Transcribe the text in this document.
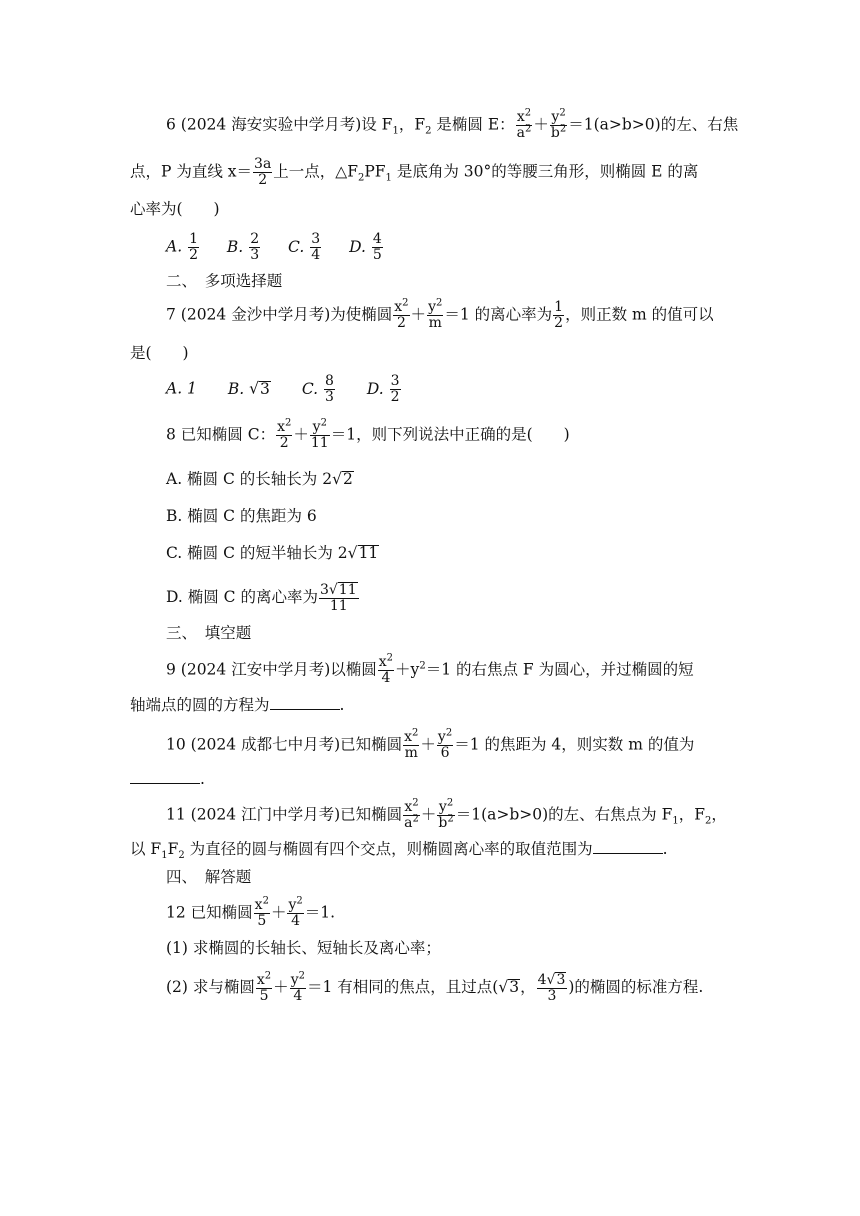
6 (2024 海安实验中学月考)设 $F_1$，$F_2$ 是椭圆 E： $\frac{x^2}{a^2} + \frac{y^2}{b^2} =1(a>b>0)$的左、右焦
点，P 为直线 $x= \frac{3a}{2}$ 上一点，$\triangle F_2PF_1$ 是底角为 30°的等腰三角形，则椭圆 E 的离
心率为(　　)
A. $\frac{1}{2} B$. $\frac{2}{3} C$. $\frac{3}{4} D$. $\frac{4}{5}$
二、　多项选择题
7 (2024 金沙中学月考)为使椭圆 $\frac{x^2}{2} + \frac{y^2}{m} =1$ 的离心率为 $\frac{1}{2}$ ，则正数 m 的值可以
是(　　)
A. 1 B. √3 C. $\frac{8}{3} D$. $\frac{3}{2}$
8 已知椭圆 C： $\frac{x^2}{2} + \frac{y^2}{11} =1$，则下列说法中正确的是(　　)
A. 椭圆 C 的长轴长为 2√2
B. 椭圆 C 的焦距为 6
C. 椭圆 C 的短半轴长为 2√11
D. 椭圆 C 的离心率为 $\frac{3√11}{11}$
三、　填空题
9 (2024 江安中学月考)以椭圆 $\frac{x^2}{4} +y^2=1$ 的右焦点 F 为圆心，并过椭圆的短
轴端点的圆的方程为	.
10 (2024 成都七中月考)已知椭圆 $\frac{x^2}{m} + \frac{y^2}{6} =1$ 的焦距为 4，则实数 m 的值为
.
11 (2024 江门中学月考)已知椭圆 $\frac{x^2}{a^2} + \frac{y^2}{b^2} =1(a>b>0)$的左、右焦点为 $F_1$，$F_2$，
以 $F_1F_2$ 为直径的圆与椭圆有四个交点，则椭圆离心率的取值范围为	.
四、　解答题
12 已知椭圆 $\frac{x^2}{5} + \frac{y^2}{4} =1$.
(1) 求椭圆的长轴长、短轴长及离心率；
(2) 求与椭圆 $\frac{x^2}{5} + \frac{y^2}{4} =1$ 有相同的焦点，且过点(√3， $\frac{4√3}{3}$ )的椭圆的标准方程.
